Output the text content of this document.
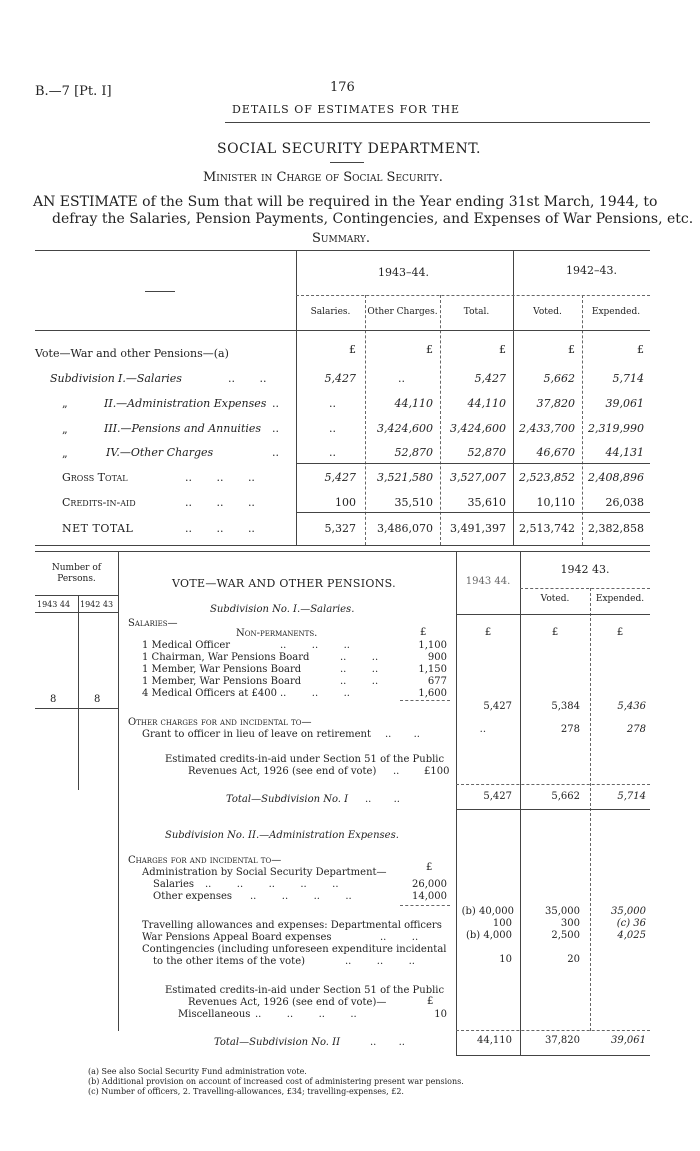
B.—7 [Pt. I]	176
DETAILS OF ESTIMATES FOR THE
SOCIAL SECURITY DEPARTMENT.
Minister in Charge of Social Security.
AN ESTIMATE of the Sum that will be required in the Year ending 31st March, 1944, to
defray the Salaries, Pension Payments, Contingencies, and Expenses of War Pensions, etc.
Summary.
1943–44.	1942–43.
Salaries.	Other Charges.	Total.	Voted.	Expended.
Vote—War and other Pensions—(a)	£	£	£	£	£
Subdivision I.—Salaries	..       ..	5,427	..	5,427	5,662	5,714
„	II.—Administration Expenses ..	..	44,110	44,110	37,820	39,061
„	III.—Pensions and Annuities ..	..	3,424,600	3,424,600	2,433,700	2,319,990
„	IV.—Other Charges	..	..	52,870	52,870	46,670	44,131
Gross Total	..       ..       ..	5,427	3,521,580	3,527,007	2,523,852	2,408,896
Credits-in-aid	..       ..       ..	100	35,510	35,610	10,110	26,038
NET TOTAL	..       ..       ..	5,327	3,486,070	3,491,397	2,513,742	2,382,858
Number of Persons.
1943 44 1942 43
VOTE—WAR AND OTHER PENSIONS.	1943 44.
1942 43.
Voted.	Expended.
Subdivision No. I.—Salaries.
Salaries—
Non-permanents.	£	£	£	£
1 Medical Officer	..        ..        ..	1,100
1 Chairman, War Pensions Board	..        ..	900
1 Member, War Pensions Board	..        ..	1,150
1 Member, War Pensions Board	..        ..	677
4 Medical Officers at £400 ..        ..        ..	1,600
8	8
5,427	5,384	5,436
Other charges for and incidental to—
Grant to officer in lieu of leave on retirement ..       ..	..	278	278
Estimated credits-in-aid under Section 51 of the Public
Revenues Act, 1926 (see end of vote) .. £100
Total—Subdivision No. I ..       ..	5,427	5,662	5,714
Subdivision No. II.—Administration Expenses.
Charges for and incidental to—
Administration by Social Security Department—	£
Salaries ..        ..        ..        ..        ..	26,000
Other expenses ..        ..        ..        ..	14,000
(b) 40,000	35,000	35,000
Travelling allowances and expenses: Departmental officers	100	300	(c) 36
War Pensions Appeal Board expenses	..        ..	(b) 4,000	2,500	4,025
Contingencies (including unforeseen expenditure incidental
to the other items of the vote)	..        ..        ..	10	20
Estimated credits-in-aid under Section 51 of the Public
Revenues Act, 1926 (see end of vote)—	£
Miscellaneous ..        ..        ..        ..	10
Total—Subdivision No. II	..       ..	44,110	37,820	39,061
(a) See also Social Security Fund administration vote.
(b) Additional provision on account of increased cost of administering present war pensions.
(c) Number of officers, 2. Travelling-allowances, £34; travelling-expenses, £2.
